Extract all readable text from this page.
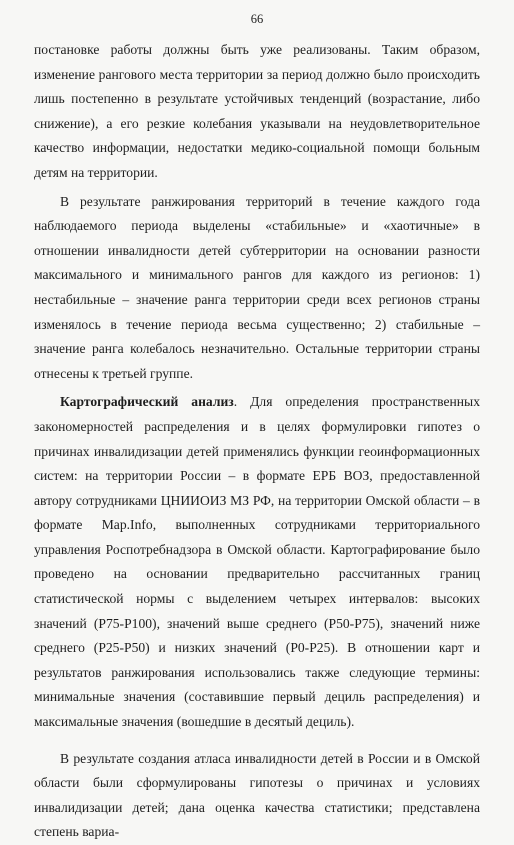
66

постановке работы должны быть уже реализованы. Таким образом, изменение рангового места территории за период должно было происходить лишь постепенно в результате устойчивых тенденций (возрастание, либо снижение), а его резкие колебания указывали на неудовлетворительное качество информации, недостатки медико-социальной помощи больным детям на территории.

В результате ранжирования территорий в течение каждого года наблюдаемого периода выделены «стабильные» и «хаотичные» в отношении инвалидности детей субтерритории на основании разности максимального и минимального рангов для каждого из регионов: 1) нестабильные – значение ранга территории среди всех регионов страны изменялось в течение периода весьма существенно; 2) стабильные – значение ранга колебалось незначительно. Остальные территории страны отнесены к третьей группе.

Картографический анализ. Для определения пространственных закономерностей распределения и в целях формулировки гипотез о причинах инвалидизации детей применялись функции геоинформационных систем: на территории России – в формате ЕРБ ВОЗ, предоставленной автору сотрудниками ЦНИИОИЗ МЗ РФ, на территории Омской области – в формате Map.Info, выполненных сотрудниками территориального управления Роспотребнадзора в Омской области. Картографирование было проведено на основании предварительно рассчитанных границ статистической нормы с выделением четырех интервалов: высоких значений (Р75-Р100), значений выше среднего (Р50-Р75), значений ниже среднего (Р25-Р50) и низких значений (Р0-Р25). В отношении карт и результатов ранжирования использовались также следующие термины: минимальные значения (составившие первый дециль распределения) и максимальные значения (вошедшие в десятый дециль).

В результате создания атласа инвалидности детей в России и в Омской области были сформулированы гипотезы о причинах и условиях инвалидизации детей; дана оценка качества статистики; представлена степень вариа-
